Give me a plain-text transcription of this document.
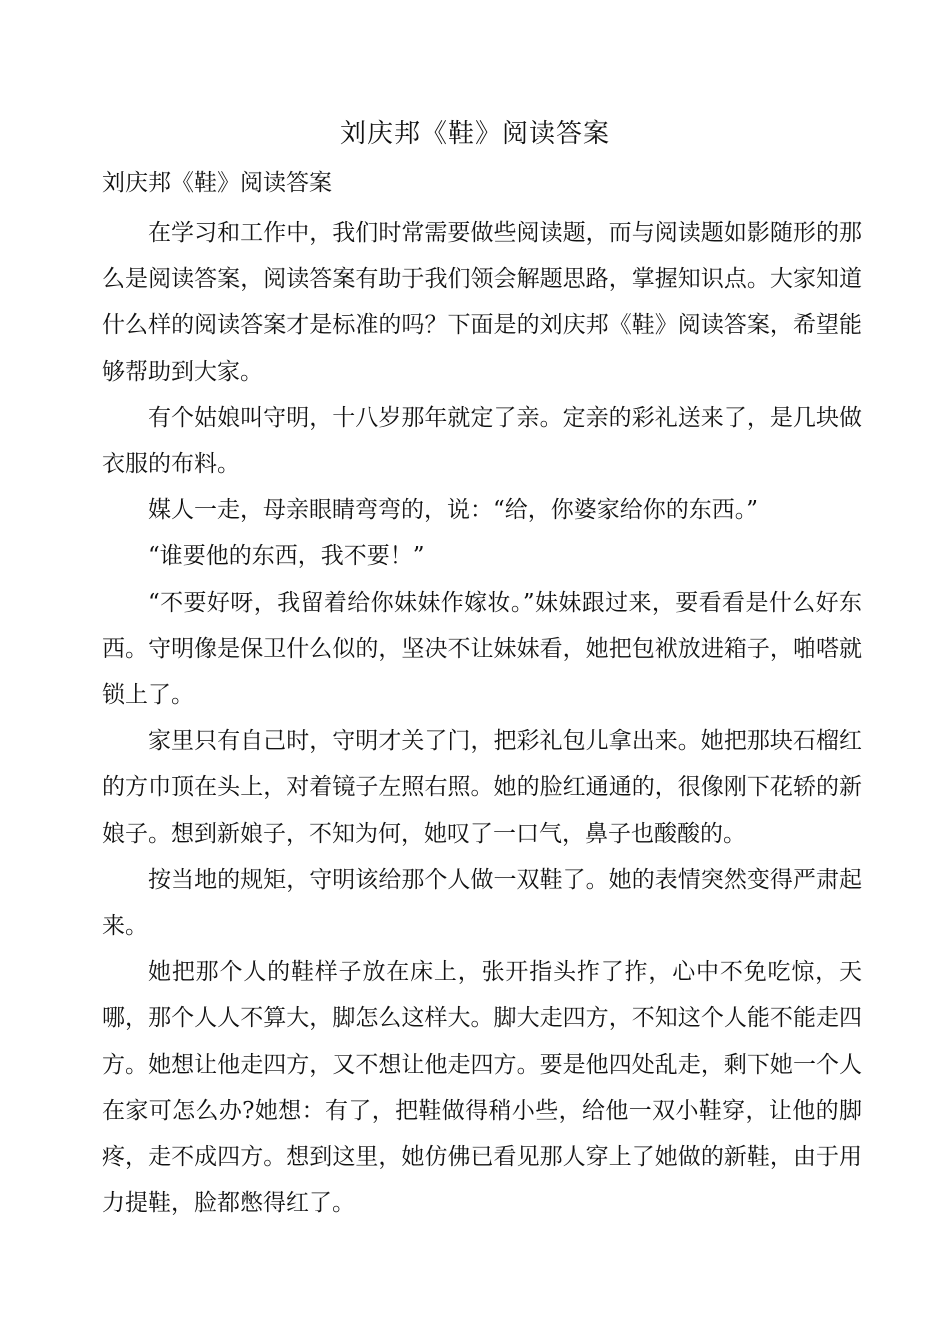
刘庆邦《鞋》阅读答案
刘庆邦《鞋》阅读答案

在学习和工作中，我们时常需要做些阅读题，而与阅读题如影随形的那么是阅读答案，阅读答案有助于我们领会解题思路，掌握知识点。大家知道什么样的阅读答案才是标准的吗？下面是的刘庆邦《鞋》阅读答案，希望能够帮助到大家。

有个姑娘叫守明，十八岁那年就定了亲。定亲的彩礼送来了，是几块做衣服的布料。

媒人一走，母亲眼睛弯弯的，说：“给，你婆家给你的东西。”

“谁要他的东西，我不要！”

“不要好呀，我留着给你妹妹作嫁妆。”妹妹跟过来，要看看是什么好东西。守明像是保卫什么似的，坚决不让妹妹看，她把包袱放进箱子，啪嗒就锁上了。

家里只有自己时，守明才关了门，把彩礼包儿拿出来。她把那块石榴红的方巾顶在头上，对着镜子左照右照。她的脸红通通的，很像刚下花轿的新娘子。想到新娘子，不知为何，她叹了一口气，鼻子也酸酸的。

按当地的规矩，守明该给那个人做一双鞋了。她的表情突然变得严肃起来。

她把那个人的鞋样子放在床上，张开指头拃了拃，心中不免吃惊，天哪，那个人人不算大，脚怎么这样大。脚大走四方，不知这个人能不能走四方。她想让他走四方，又不想让他走四方。要是他四处乱走，剩下她一个人在家可怎么办?她想：有了，把鞋做得稍小些，给他一双小鞋穿，让他的脚疼，走不成四方。想到这里，她仿佛已看见那人穿上了她做的新鞋，由于用力提鞋，脸都憋得红了。
